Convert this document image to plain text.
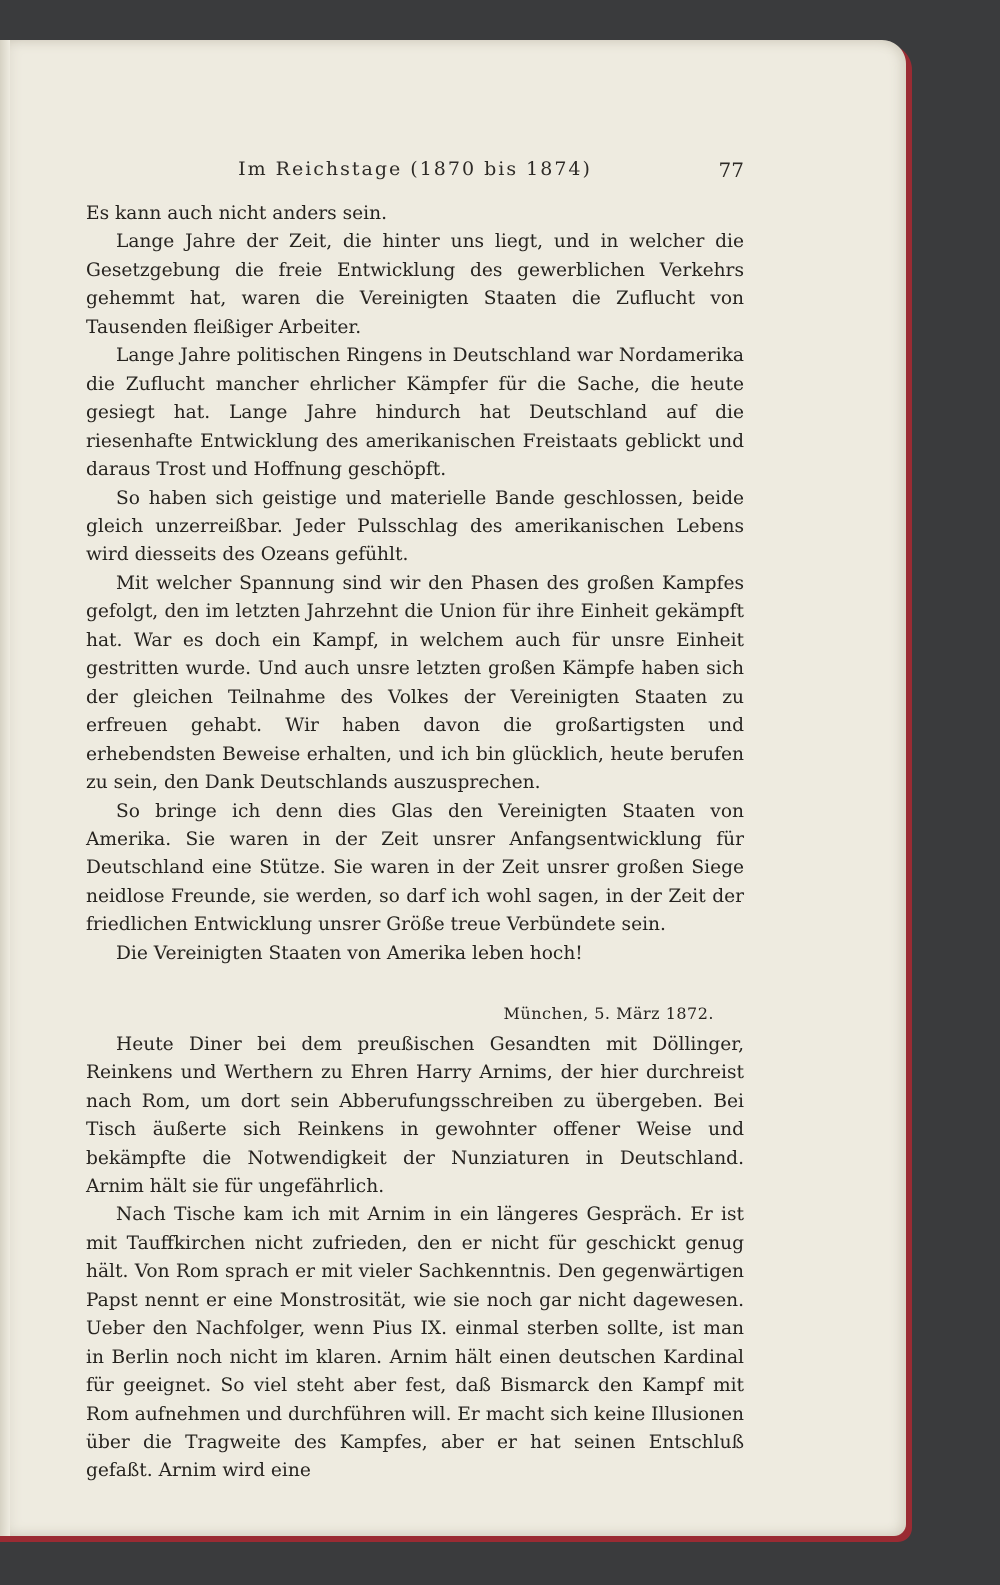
Im Reichstage (1870 bis 1874)	77

Es kann auch nicht anders sein.

Lange Jahre der Zeit, die hinter uns liegt, und in welcher die Gesetzgebung die freie Entwicklung des gewerblichen Verkehrs gehemmt hat, waren die Vereinigten Staaten die Zuflucht von Tausenden fleißiger Arbeiter.

Lange Jahre politischen Ringens in Deutschland war Nordamerika die Zuflucht mancher ehrlicher Kämpfer für die Sache, die heute gesiegt hat. Lange Jahre hindurch hat Deutschland auf die riesenhafte Entwicklung des amerikanischen Freistaats geblickt und daraus Trost und Hoffnung geschöpft.

So haben sich geistige und materielle Bande geschlossen, beide gleich unzerreißbar. Jeder Pulsschlag des amerikanischen Lebens wird diesseits des Ozeans gefühlt.

Mit welcher Spannung sind wir den Phasen des großen Kampfes gefolgt, den im letzten Jahrzehnt die Union für ihre Einheit gekämpft hat. War es doch ein Kampf, in welchem auch für unsre Einheit gestritten wurde. Und auch unsre letzten großen Kämpfe haben sich der gleichen Teilnahme des Volkes der Vereinigten Staaten zu erfreuen gehabt. Wir haben davon die großartigsten und erhebendsten Beweise erhalten, und ich bin glücklich, heute berufen zu sein, den Dank Deutschlands auszusprechen.

So bringe ich denn dies Glas den Vereinigten Staaten von Amerika. Sie waren in der Zeit unsrer Anfangsentwicklung für Deutschland eine Stütze. Sie waren in der Zeit unsrer großen Siege neidlose Freunde, sie werden, so darf ich wohl sagen, in der Zeit der friedlichen Entwicklung unsrer Größe treue Verbündete sein.

Die Vereinigten Staaten von Amerika leben hoch!

München, 5. März 1872.

Heute Diner bei dem preußischen Gesandten mit Döllinger, Reinkens und Werthern zu Ehren Harry Arnims, der hier durchreist nach Rom, um dort sein Abberufungsschreiben zu übergeben. Bei Tisch äußerte sich Reinkens in gewohnter offener Weise und bekämpfte die Notwendigkeit der Nunziaturen in Deutschland. Arnim hält sie für ungefährlich.

Nach Tische kam ich mit Arnim in ein längeres Gespräch. Er ist mit Tauffkirchen nicht zufrieden, den er nicht für geschickt genug hält. Von Rom sprach er mit vieler Sachkenntnis. Den gegenwärtigen Papst nennt er eine Monstrosität, wie sie noch gar nicht dagewesen. Ueber den Nachfolger, wenn Pius IX. einmal sterben sollte, ist man in Berlin noch nicht im klaren. Arnim hält einen deutschen Kardinal für geeignet. So viel steht aber fest, daß Bismarck den Kampf mit Rom aufnehmen und durchführen will. Er macht sich keine Illusionen über die Tragweite des Kampfes, aber er hat seinen Entschluß gefaßt. Arnim wird eine
